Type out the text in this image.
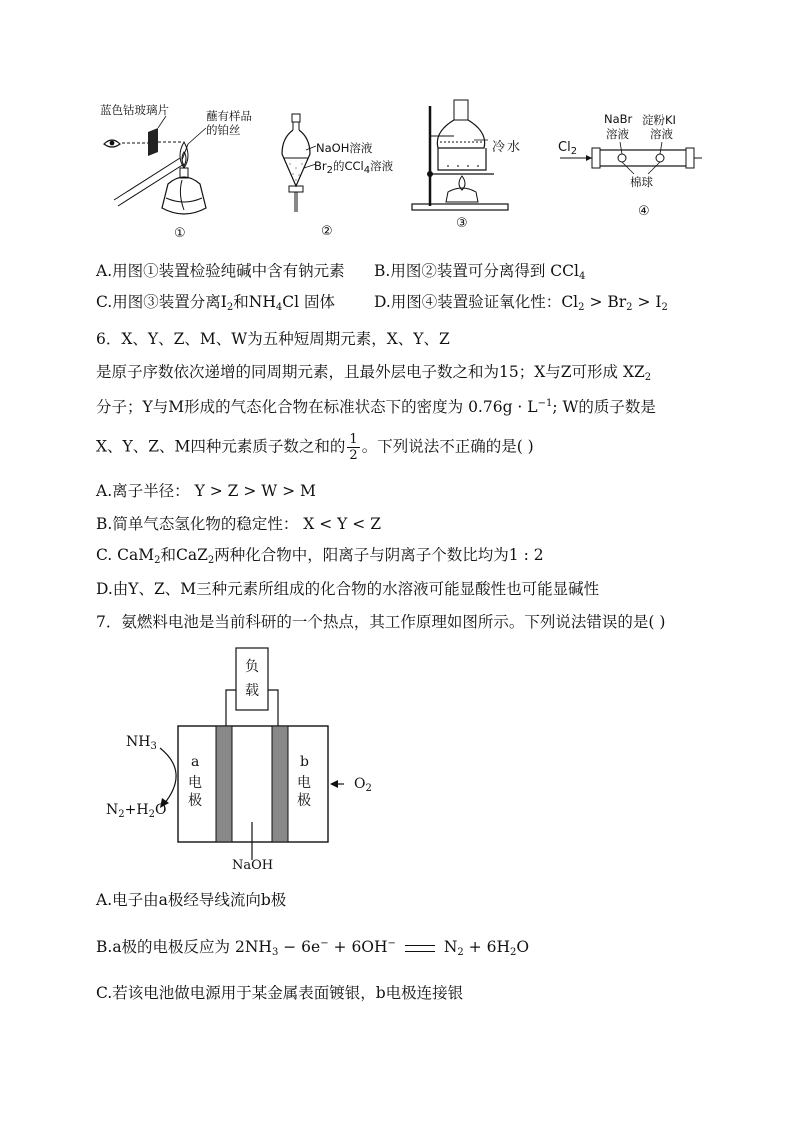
蓝色钴玻璃片	蘸有样品
的铂丝
①
NaOH溶液
Br2的CCl4溶液
②
冷水
③
$Cl_2$
NaBr
溶液
淀粉KI
溶液
棉球
④
A.用图①装置检验纯碱中含有钠元素 B.用图②装置可分离得到 CCl$_4$
C.用图③装置分离$I_2$和$NH_4Cl$ 固体	D.用图④装置验证氧化性：$Cl_2 > Br_2 > I_2$
6．X、Y、Z、M、W为五种短周期元素，X、Y、Z
是原子序数依次递增的同周期元素，且最外层电子数之和为15；X与Z可形成 $XZ_2$
分子；Y与M形成的气态化合物在标准状态下的密度为 $0.76g \cdot L^{-1}$; W的质子数是
X、Y、Z、M四种元素质子数之和的 $\frac{1}{2}$ 。下列说法不正确的是( )
A.离子半径： Y > Z > W > M
B.简单气态氢化物的稳定性： X < Y < Z
C. CaM$_2$和CaZ$_2$两种化合物中，阳离子与阴离子个数比均为1 : 2
D.由Y、Z、M三种元素所组成的化合物的水溶液可能显酸性也可能显碱性
7．氨燃料电池是当前科研的一个热点，其工作原理如图所示。下列说法错误的是( )
负
载
a
电
极
b
电
极
$NH_3$
$N_2+H_2O$
$O_2$
NaOH
A.电子由a极经导线流向b极
B.a极的电极反应为 $2NH_3 - 6e^- + 6OH^-$	$N_2 + 6H_2O$
C.若该电池做电源用于某金属表面镀银，b电极连接银
